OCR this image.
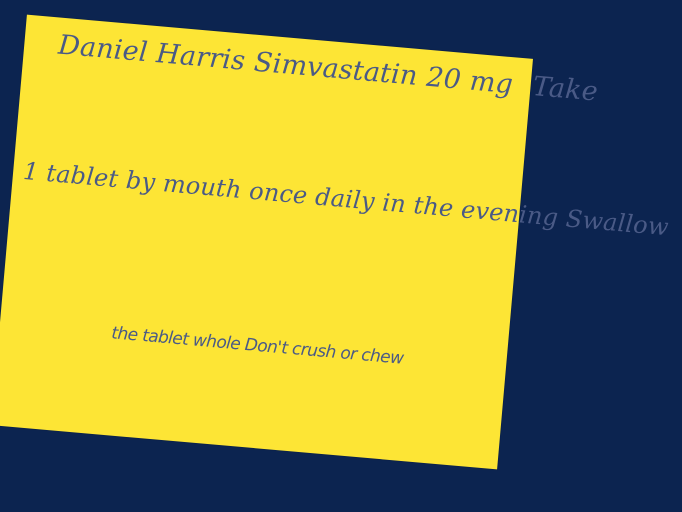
Daniel Harris Simvastatin 20 mg Take
1 tablet by mouth once daily in the evening Swallow
the tablet whole Don't crush or chew
